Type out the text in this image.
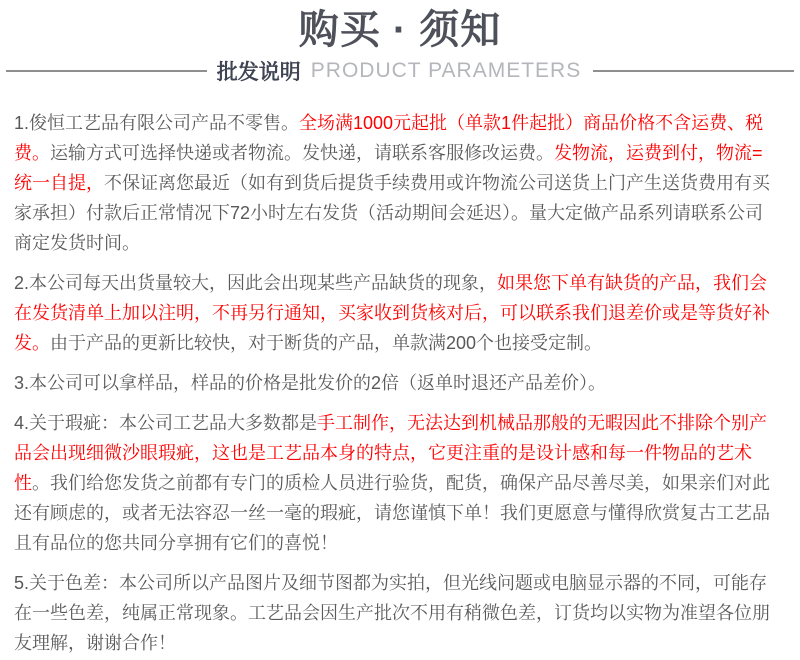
购买 · 须知
批发说明 PRODUCT PARAMETERS

1.俊恒工艺品有限公司产品不零售。全场满1000元起批（单款1件起批）商品价格不含运费、税费。运输方式可选择快递或者物流。发快递，请联系客服修改运费。发物流，运费到付，物流=统一自提，不保证离您最近（如有到货后提货手续费用或许物流公司送货上门产生送货费用有买家承担）付款后正常情况下72小时左右发货（活动期间会延迟）。量大定做产品系列请联系公司商定发货时间。

2.本公司每天出货量较大，因此会出现某些产品缺货的现象，如果您下单有缺货的产品，我们会在发货清单上加以注明，不再另行通知，买家收到货核对后，可以联系我们退差价或是等货好补发。由于产品的更新比较快，对于断货的产品，单款满200个也接受定制。

3.本公司可以拿样品，样品的价格是批发价的2倍（返单时退还产品差价）。

4.关于瑕疵：本公司工艺品大多数都是手工制作，无法达到机械品那般的无暇因此不排除个别产品会出现细微沙眼瑕疵，这也是工艺品本身的特点，它更注重的是设计感和每一件物品的艺术性。我们给您发货之前都有专门的质检人员进行验货，配货，确保产品尽善尽美，如果亲们对此还有顾虑的，或者无法容忍一丝一毫的瑕疵，请您谨慎下单！我们更愿意与懂得欣赏复古工艺品且有品位的您共同分享拥有它们的喜悦！

5.关于色差：本公司所以产品图片及细节图都为实拍，但光线问题或电脑显示器的不同，可能存在一些色差，纯属正常现象。工艺品会因生产批次不用有稍微色差，订货均以实物为准望各位朋友理解，谢谢合作！
